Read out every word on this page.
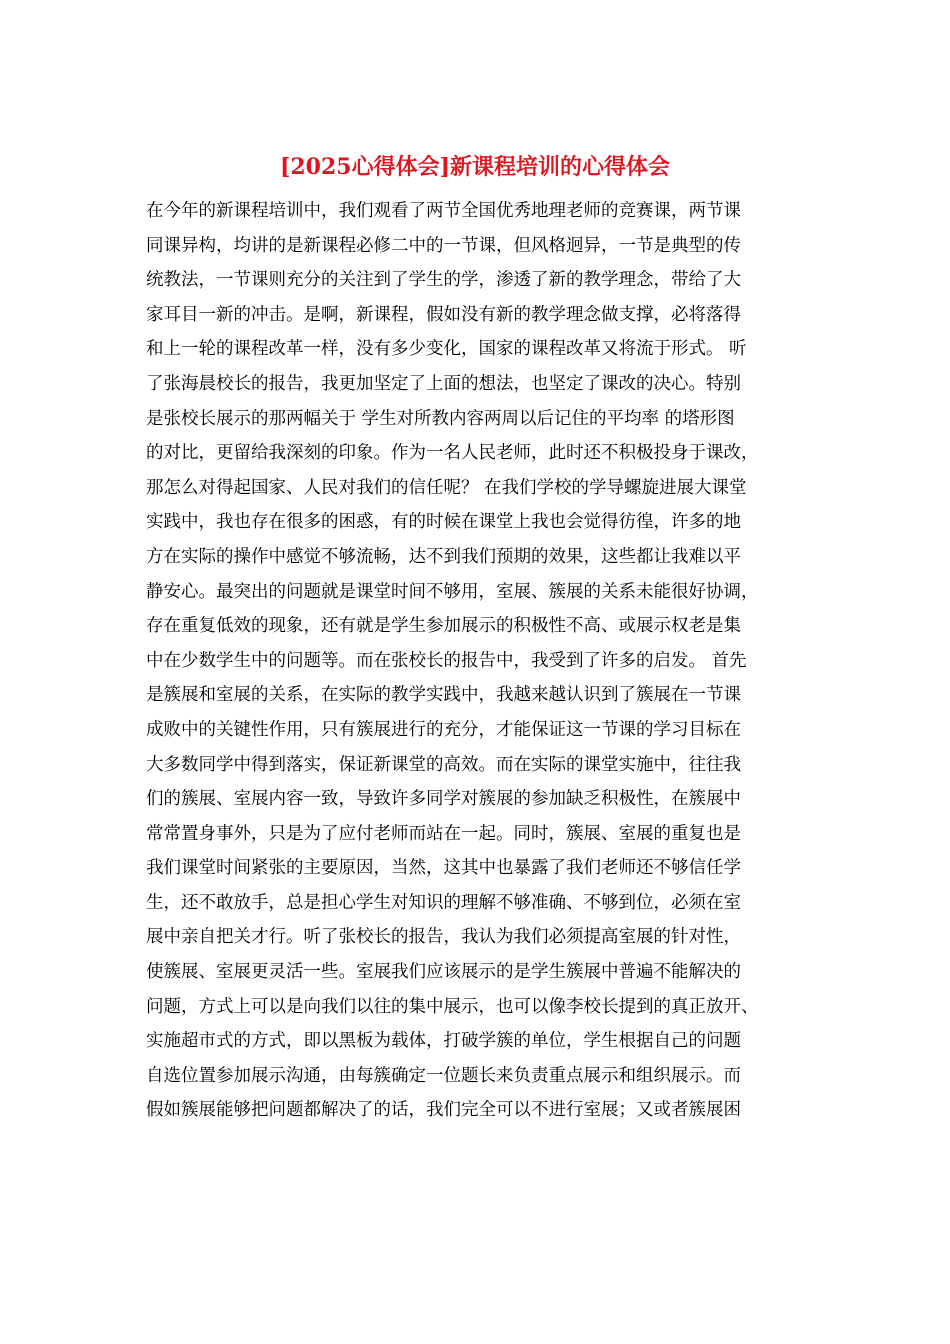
[2025心得体会]新课程培训的心得体会
在今年的新课程培训中，我们观看了两节全国优秀地理老师的竞赛课，两节课
同课异构，均讲的是新课程必修二中的一节课，但风格迥异，一节是典型的传
统教法，一节课则充分的关注到了学生的学，渗透了新的教学理念，带给了大
家耳目一新的冲击。是啊，新课程，假如没有新的教学理念做支撑，必将落得
和上一轮的课程改革一样，没有多少变化，国家的课程改革又将流于形式。 听
了张海晨校长的报告，我更加坚定了上面的想法，也坚定了课改的决心。特别
是张校长展示的那两幅关于 学生对所教内容两周以后记住的平均率 的塔形图
的对比，更留给我深刻的印象。作为一名人民老师，此时还不积极投身于课改，
那怎么对得起国家、人民对我们的信任呢？ 在我们学校的学导螺旋进展大课堂
实践中，我也存在很多的困惑，有的时候在课堂上我也会觉得彷徨，许多的地
方在实际的操作中感觉不够流畅，达不到我们预期的效果，这些都让我难以平
静安心。最突出的问题就是课堂时间不够用，室展、簇展的关系未能很好协调，
存在重复低效的现象，还有就是学生参加展示的积极性不高、或展示权老是集
中在少数学生中的问题等。而在张校长的报告中，我受到了许多的启发。 首先
是簇展和室展的关系，在实际的教学实践中，我越来越认识到了簇展在一节课
成败中的关键性作用，只有簇展进行的充分，才能保证这一节课的学习目标在
大多数同学中得到落实，保证新课堂的高效。而在实际的课堂实施中，往往我
们的簇展、室展内容一致，导致许多同学对簇展的参加缺乏积极性，在簇展中
常常置身事外，只是为了应付老师而站在一起。同时，簇展、室展的重复也是
我们课堂时间紧张的主要原因，当然，这其中也暴露了我们老师还不够信任学
生，还不敢放手，总是担心学生对知识的理解不够准确、不够到位，必须在室
展中亲自把关才行。听了张校长的报告，我认为我们必须提高室展的针对性，
使簇展、室展更灵活一些。室展我们应该展示的是学生簇展中普遍不能解决的
问题，方式上可以是向我们以往的集中展示，也可以像李校长提到的真正放开、
实施超市式的方式，即以黑板为载体，打破学簇的单位，学生根据自己的问题
自选位置参加展示沟通，由每簇确定一位题长来负责重点展示和组织展示。而
假如簇展能够把问题都解决了的话，我们完全可以不进行室展；又或者簇展困
